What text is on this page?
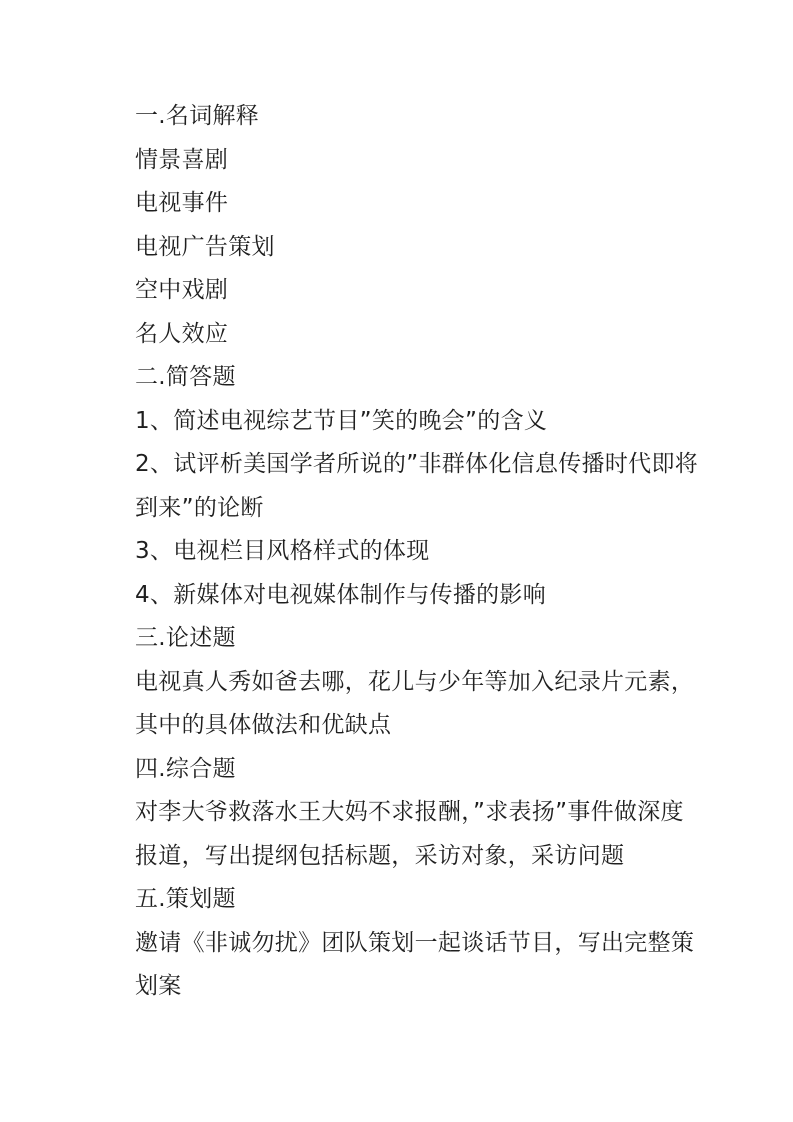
一.名词解释
情景喜剧
电视事件
电视广告策划
空中戏剧
名人效应
二.简答题
1、简述电视综艺节目”笑的晚会”的含义
2、试评析美国学者所说的”非群体化信息传播时代即将
到来”的论断
3、电视栏目风格样式的体现
4、新媒体对电视媒体制作与传播的影响
三.论述题
电视真人秀如爸去哪，花儿与少年等加入纪录片元素，
其中的具体做法和优缺点
四.综合题
对李大爷救落水王大妈不求报酬，”求表扬”事件做深度
报道，写出提纲包括标题，采访对象，采访问题
五.策划题
邀请《非诚勿扰》团队策划一起谈话节目，写出完整策
划案
